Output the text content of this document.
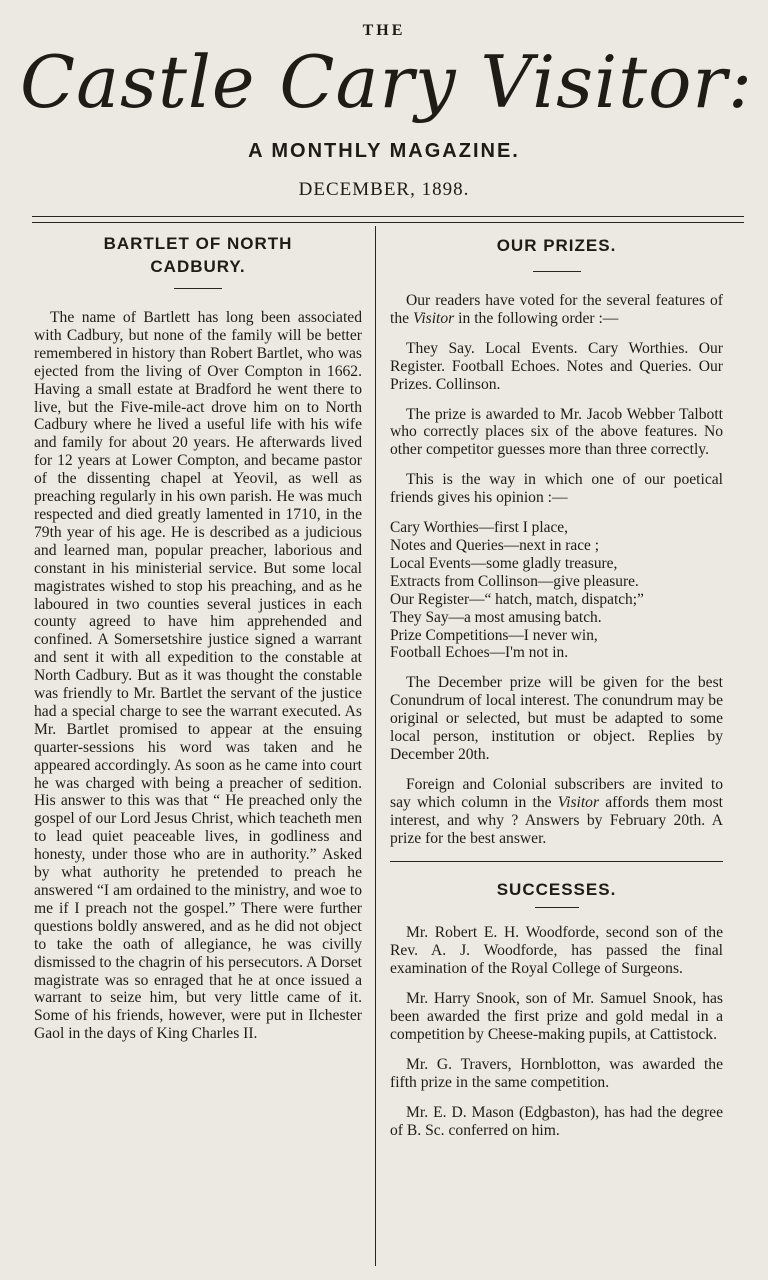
THE
Castle Cary Visitor:
A MONTHLY MAGAZINE.
DECEMBER, 1898.
BARTLET OF NORTH
CADBURY.

The name of Bartlett has long been associated with Cadbury, but none of the family will be better remembered in history than Robert Bartlet, who was ejected from the living of Over Compton in 1662. Having a small estate at Bradford he went there to live, but the Five-mile-act drove him on to North Cadbury where he lived a useful life with his wife and family for about 20 years. He afterwards lived for 12 years at Lower Compton, and became pastor of the dissenting chapel at Yeovil, as well as preaching regularly in his own parish. He was much respected and died greatly lamented in 1710, in the 79th year of his age. He is described as a judicious and learned man, popular preacher, laborious and constant in his ministerial service. But some local magistrates wished to stop his preaching, and as he laboured in two counties several justices in each county agreed to have him apprehended and confined. A Somersetshire justice signed a warrant and sent it with all expedition to the constable at North Cadbury. But as it was thought the constable was friendly to Mr. Bartlet the servant of the justice had a special charge to see the warrant executed. As Mr. Bartlet promised to appear at the ensuing quarter-sessions his word was taken and he appeared accordingly. As soon as he came into court he was charged with being a preacher of sedition. His answer to this was that “ He preached only the gospel of our Lord Jesus Christ, which teacheth men to lead quiet peaceable lives, in godliness and honesty, under those who are in authority.” Asked by what authority he pretended to preach he answered “I am ordained to the ministry, and woe to me if I preach not the gospel.” There were further questions boldly answered, and as he did not object to take the oath of allegiance, he was civilly dismissed to the chagrin of his persecutors. A Dorset magistrate was so enraged that he at once issued a warrant to seize him, but very little came of it. Some of his friends, however, were put in Ilchester Gaol in the days of King Charles II.

OUR PRIZES.

Our readers have voted for the several features of the Visitor in the following order :—

They Say. Local Events. Cary Worthies. Our Register. Football Echoes. Notes and Queries. Our Prizes. Collinson.

The prize is awarded to Mr. Jacob Webber Talbott who correctly places six of the above features. No other competitor guesses more than three correctly.

This is the way in which one of our poetical friends gives his opinion :—

Cary Worthies—first I place,
Notes and Queries—next in race ;
Local Events—some gladly treasure,
Extracts from Collinson—give pleasure.
Our Register—“ hatch, match, dispatch;”
They Say—a most amusing batch.
Prize Competitions—I never win,
Football Echoes—I'm not in.

The December prize will be given for the best Conundrum of local interest. The conundrum may be original or selected, but must be adapted to some local person, institution or object. Replies by December 20th.

Foreign and Colonial subscribers are invited to say which column in the Visitor affords them most interest, and why ? Answers by February 20th. A prize for the best answer.

SUCCESSES.

Mr. Robert E. H. Woodforde, second son of the Rev. A. J. Woodforde, has passed the final examination of the Royal College of Surgeons.

Mr. Harry Snook, son of Mr. Samuel Snook, has been awarded the first prize and gold medal in a competition by Cheese-making pupils, at Cattistock.

Mr. G. Travers, Hornblotton, was awarded the fifth prize in the same competition.

Mr. E. D. Mason (Edgbaston), has had the degree of B. Sc. conferred on him.
